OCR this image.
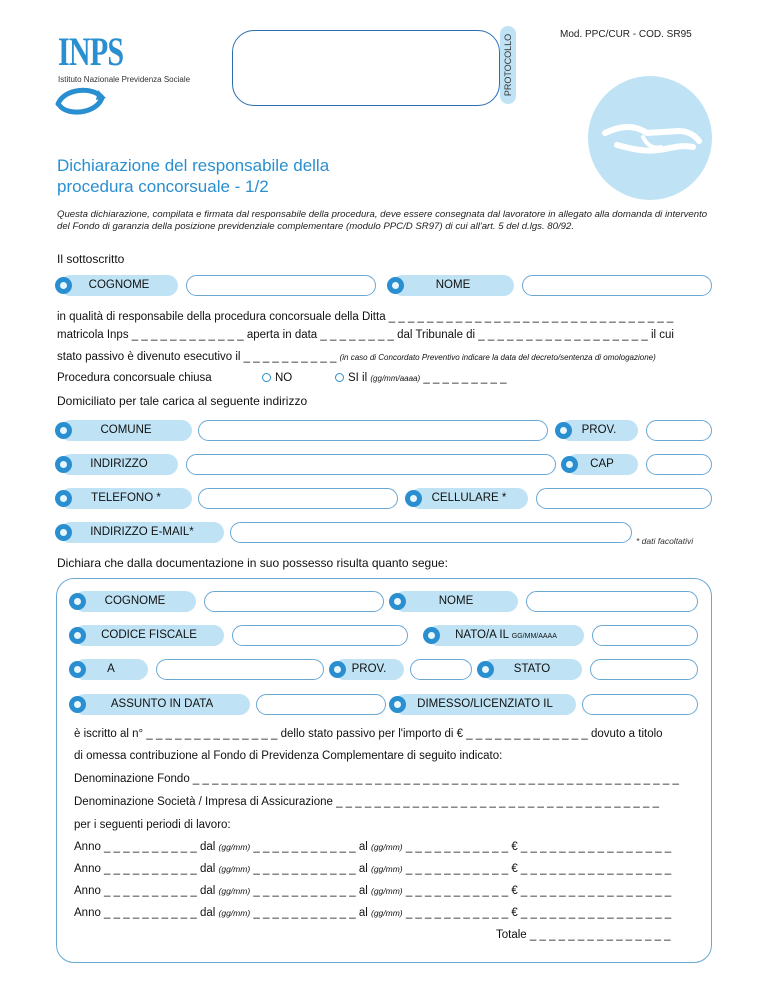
INPS
Istituto Nazionale Previdenza Sociale	PROTOCOLLO	Mod. PPC/CUR - COD. SR95
Dichiarazione del responsabile della
procedura concorsuale - 1/2
Questa dichiarazione, compilata e firmata dal responsabile della procedura, deve essere consegnata dal lavoratore in allegato alla domanda di intervento del Fondo di garanzia della posizione previdenziale complementare (modulo PPC/D SR97) di cui all'art. 5 del d.lgs. 80/92.
Il sottoscritto
COGNOME	NOME
in qualità di responsabile della procedura concorsuale della Ditta _ _ _ _ _ _ _ _ _ _ _ _ _ _ _ _ _ _ _ _ _ _ _ _ _ _ _ _ _ _
matricola Inps _ _ _ _ _ _ _ _ _ _ _ _ aperta in data _ _ _ _ _ _ _ _ dal Tribunale di _ _ _ _ _ _ _ _ _ _ _ _ _ _ _ _ _ _ il cui
stato passivo è divenuto esecutivo il _ _ _ _ _ _ _ _ _ _ (in caso di Concordato Preventivo indicare la data del decreto/sentenza di omologazione)
Procedura concorsuale chiusa	NO	SI il (gg/mm/aaaa) _ _ _ _ _ _ _ _ _
Domiciliato per tale carica al seguente indirizzo
COMUNE	PROV.
INDIRIZZO	CAP
TELEFONO *	CELLULARE *
INDIRIZZO E-MAIL*
* dati facoltativi
Dichiara che dalla documentazione in suo possesso risulta quanto segue:
COGNOME	NOME
CODICE FISCALE	NATO/A IL GG/MM/AAAA
A	PROV.	STATO
ASSUNTO IN DATA	DIMESSO/LICENZIATO IL
è iscritto al n° _ _ _ _ _ _ _ _ _ _ _ _ _ _ dello stato passivo per l'importo di € _ _ _ _ _ _ _ _ _ _ _ _ _ dovuto a titolo
di omessa contribuzione al Fondo di Previdenza Complementare di seguito indicato:
Denominazione Fondo _ _ _ _ _ _ _ _ _ _ _ _ _ _ _ _ _ _ _ _ _ _ _ _ _ _ _ _ _ _ _ _ _ _ _ _ _ _ _ _ _ _ _ _ _ _ _ _ _ _ _
Denominazione Società / Impresa di Assicurazione _ _ _ _ _ _ _ _ _ _ _ _ _ _ _ _ _ _ _ _ _ _ _ _ _ _ _ _ _ _ _ _ _ _
per i seguenti periodi di lavoro:
Anno _ _ _ _ _ _ _ _ _ _ dal (gg/mm) _ _ _ _ _ _ _ _ _ _ _ al (gg/mm) _ _ _ _ _ _ _ _ _ _ _ € _ _ _ _ _ _ _ _ _ _ _ _ _ _ _ _
Anno _ _ _ _ _ _ _ _ _ _ dal (gg/mm) _ _ _ _ _ _ _ _ _ _ _ al (gg/mm) _ _ _ _ _ _ _ _ _ _ _ € _ _ _ _ _ _ _ _ _ _ _ _ _ _ _ _
Anno _ _ _ _ _ _ _ _ _ _ dal (gg/mm) _ _ _ _ _ _ _ _ _ _ _ al (gg/mm) _ _ _ _ _ _ _ _ _ _ _ € _ _ _ _ _ _ _ _ _ _ _ _ _ _ _ _
Anno _ _ _ _ _ _ _ _ _ _ dal (gg/mm) _ _ _ _ _ _ _ _ _ _ _ al (gg/mm) _ _ _ _ _ _ _ _ _ _ _ € _ _ _ _ _ _ _ _ _ _ _ _ _ _ _ _
Totale _ _ _ _ _ _ _ _ _ _ _ _ _ _ _
